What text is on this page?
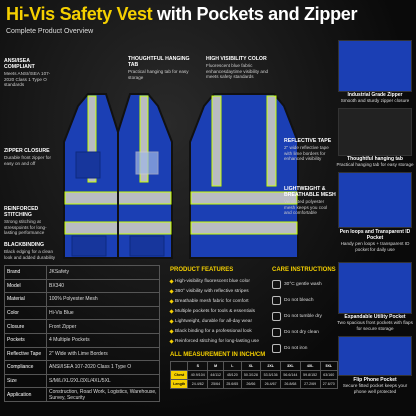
Hi-Vis Safety Vest with Pockets and Zipper
Complete Product Overview
ANSI/ISEA COMPLIANT
Meets ANSI/ISEA 107-2020 Class 1 Type O standards
THOUGHTFUL HANGING TAB
Practical hanging tab for easy storage
HIGH VISIBILITY COLOR
Fluorescent blue fabric enhancesdaytime visibility and meets safety standards
REFLECTIVE TAPE
2" wide reflective tape with lime borders for enhanced visibility
ZIPPER CLOSURE
Durable front zipper for easy on and off
LIGHTWEIGHT & BREATHABLE MESH
Ventilated polyester mesh keeps you cool and comfortable
REINFORCED STITCHING
Strong stitching at stresspoints for long-lasting performance
BLACKBINDING
Black edging for a clean look and added durability
Industrial Grade Zipper
Smooth and sturdy zipper closure
Thoughtful hanging tab
Practical hanging tab for easy storage
Pen loops and Transparent ID Pocket
Handy pen loops + transparent ID pocket for daily use
Expandable Utility Pocket
Two spacious front pockets with flaps for secure storage
Flip Phone Pocket
Secure fitted pocket keeps your phone well protected
Brand	JKSafety
Model	BX340
Material	100% Polyester Mesh
Color	Hi-Vis Blue
Closure	Front Zipper
Pockets	4 Multiple Pockets
Reflective Tape	2" Wide with Lime Borders
Compliance	ANSI/ISEA 107-2020 Class 1 Type O
Size	S/M/L/XL/2XL/3XL/4XL/5XL
Application	Construction, Road Work, Logistics, Warehouse, Survey, Security
PRODUCT FEATURES
High-visibility fluorescent blue color
360° visibility with reflective stripes
Breathable mesh fabric for comfort
Multiple pockets for tools & essentials
Lightweight, durable for all-day wear
Black binding for a professional look
Reinforced stitching for long-lasting use
CARE INSTRUCTIONS
30°C gentle wash
Do not bleach
Do not tumble dry
Do not dry clean
Do not iron
ALL MEASUREMENT IN INCH/CM
	S	M	L	XL	2XL	3XL	4XL	5XL
Chest	40.9/104	44/112	45/120	50.3/128	53.5/136	56.6/144	59.8/152	63/160
Length	24.4/62	25/64	25.6/65	26/66	26.4/67	26.8/68	27.2/69	27.6/70
